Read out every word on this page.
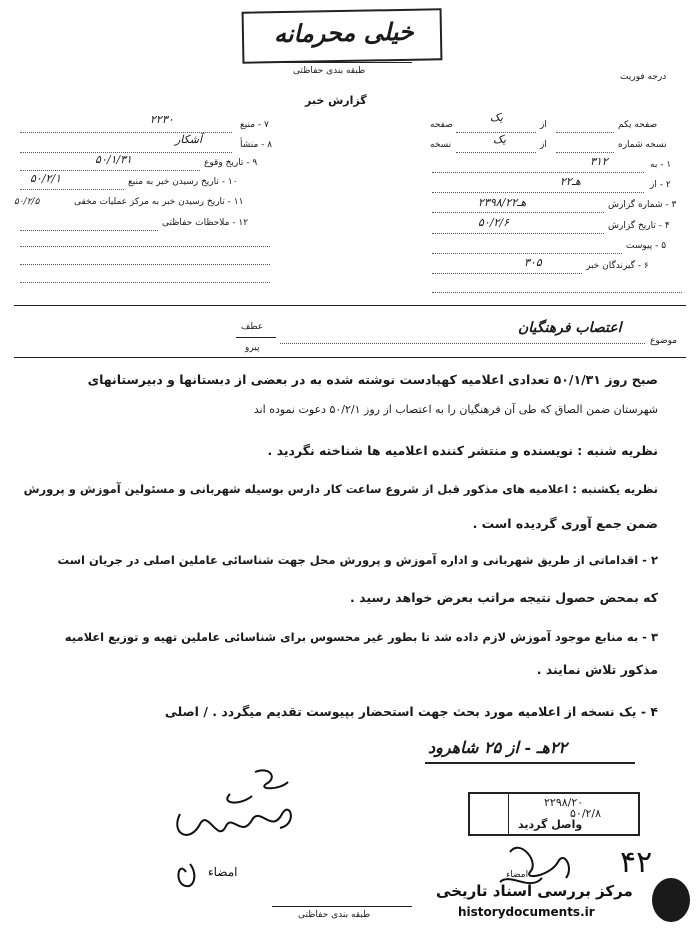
خیلی محرمانه
طبقه بندی حفاظتی
درجه فوریت
گزارش خبر
۷ - منبع
۲۲۳۰
۸ - منشأ
آشکار
۹ - تاریخ وقوع
۵۰/۱/۳۱
۱۰ - تاریخ رسیدن خبر به منبع
۵۰/۲/۱
۱۱ - تاریخ رسیدن خبر به مرکز عملیات مخفی
۵۰/۲/۵
۱۲ - ملاحظات حفاظتی
صفحه یکم
از
یک
صفحه
نسخه شماره
از
یک
نسخه
۱ - به
۳۱۲
۲ - از
۲۲هـ
۳ - شماره گزارش
۲۳۹۸/۲۲هـ
۴ - تاریخ گزارش
۵۰/۲/۶
۵ - پیوست
۶ - گیرندگان خبر
۳۰۵
موضوع
اعتصاب فرهنگیان
عطف
پیرو
صبح روز ۵۰/۱/۳۱ تعدادی اعلامیه کهبادست نوشته شده به در بعضی از دبستانها و دبیرستانهای
شهرستان ضمن الصاق که طی آن فرهنگیان را به اعتصاب از روز ۵۰/۲/۱ دعوت نموده اند
نظریه شنبه : نویسنده و منتشر کننده اعلامیه ها شناخته نگردید .
نظریه یکشنبه : اعلامیه های مذکور قبل از شروع ساعت کار دارس بوسیله شهربانی و مسئولین آموزش و پرورش
ضمن جمع آوری گردیده است .
۲ - اقداماتی از طریق شهربانی و اداره آموزش و پرورش محل جهت شناسائی عاملین اصلی در جریان است
که بمحض حصول نتیجه مراتب بعرض خواهد رسید .
۳ - به منابع موجود آموزش لازم داده شد تا بطور غیر محسوس برای شناسائی عاملین تهیه و توزیع اعلامیه
مذکور تلاش نمایند .
۴ - یک نسخه از اعلامیه مورد بحث جهت استحضار بپیوست تقدیم میگردد . / اصلی
۲۲هـ - از ۲۵ شاهرود
امضاء	۴۲
امضاء
۲۲۹۸/۲۰
۵۰/۲/۸
واصل گردید
طبقه بندی حفاظتی
مرکز بررسی اسناد تاریخی
historydocuments.ir
